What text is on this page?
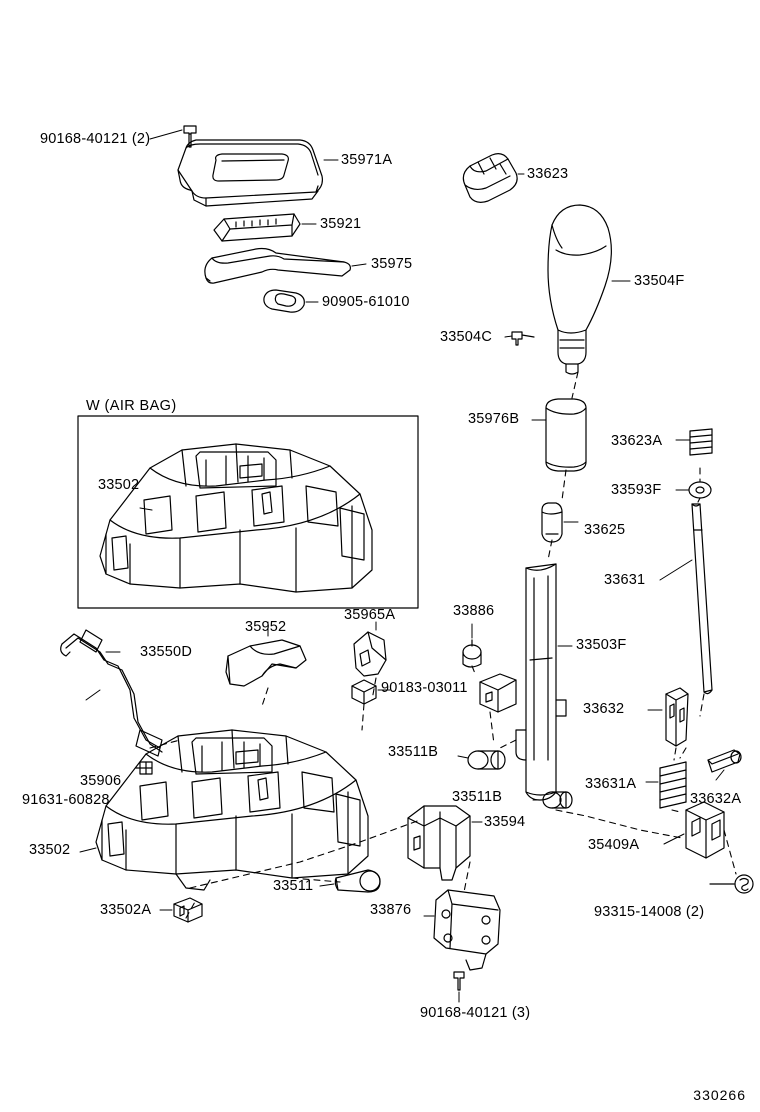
90168-40121 (2)
35971A
35921
35975
90905-61010
33623
33504F
33504C
35976B
33623A
33593F
33625
33631
W (AIR BAG)
33502
35965A
35952
33886
33503F
33632
33550D
90183-03011
33511B
33631A
33632A
35906
91631-60828	33511B
33594
35409A
33502
33511
93315-14008 (2)
33502A	33876
90168-40121 (3)
330266
